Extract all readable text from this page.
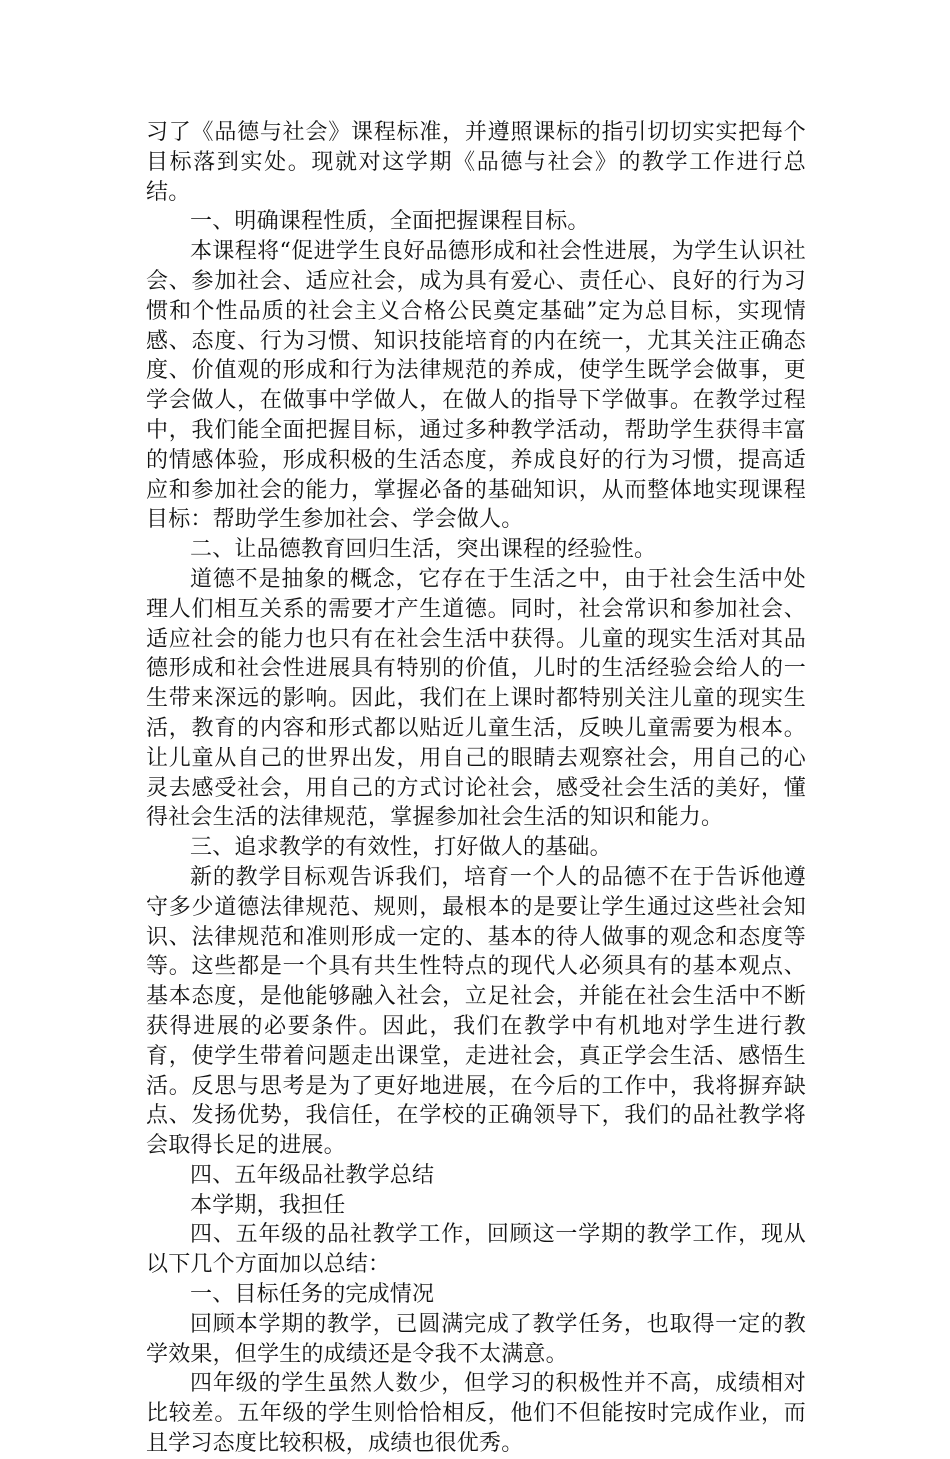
习了《品德与社会》课程标准，并遵照课标的指引切切实实把每个目标落到实处。现就对这学期《品德与社会》的教学工作进行总结。

一、明确课程性质，全面把握课程目标。

本课程将“促进学生良好品德形成和社会性进展，为学生认识社会、参加社会、适应社会，成为具有爱心、责任心、良好的行为习惯和个性品质的社会主义合格公民奠定基础”定为总目标，实现情感、态度、行为习惯、知识技能培育的内在统一，尤其关注正确态度、价值观的形成和行为法律规范的养成，使学生既学会做事，更学会做人，在做事中学做人，在做人的指导下学做事。在教学过程中，我们能全面把握目标，通过多种教学活动，帮助学生获得丰富的情感体验，形成积极的生活态度，养成良好的行为习惯，提高适应和参加社会的能力，掌握必备的基础知识，从而整体地实现课程目标：帮助学生参加社会、学会做人。

二、让品德教育回归生活，突出课程的经验性。

道德不是抽象的概念，它存在于生活之中，由于社会生活中处理人们相互关系的需要才产生道德。同时，社会常识和参加社会、适应社会的能力也只有在社会生活中获得。儿童的现实生活对其品德形成和社会性进展具有特别的价值，儿时的生活经验会给人的一生带来深远的影响。因此，我们在上课时都特别关注儿童的现实生活，教育的内容和形式都以贴近儿童生活，反映儿童需要为根本。让儿童从自己的世界出发，用自己的眼睛去观察社会，用自己的心灵去感受社会，用自己的方式讨论社会，感受社会生活的美好，懂得社会生活的法律规范，掌握参加社会生活的知识和能力。

三、追求教学的有效性，打好做人的基础。

新的教学目标观告诉我们，培育一个人的品德不在于告诉他遵守多少道德法律规范、规则，最根本的是要让学生通过这些社会知识、法律规范和准则形成一定的、基本的待人做事的观念和态度等等。这些都是一个具有共生性特点的现代人必须具有的基本观点、基本态度，是他能够融入社会，立足社会，并能在社会生活中不断获得进展的必要条件。因此，我们在教学中有机地对学生进行教育，使学生带着问题走出课堂，走进社会，真正学会生活、感悟生活。反思与思考是为了更好地进展，在今后的工作中，我将摒弃缺点、发扬优势，我信任，在学校的正确领导下，我们的品社教学将会取得长足的进展。

四、五年级品社教学总结

本学期，我担任

四、五年级的品社教学工作，回顾这一学期的教学工作，现从以下几个方面加以总结：

一、目标任务的完成情况

回顾本学期的教学，已圆满完成了教学任务，也取得一定的教学效果，但学生的成绩还是令我不太满意。

四年级的学生虽然人数少，但学习的积极性并不高，成绩相对比较差。五年级的学生则恰恰相反，他们不但能按时完成作业，而且学习态度比较积极，成绩也很优秀。
